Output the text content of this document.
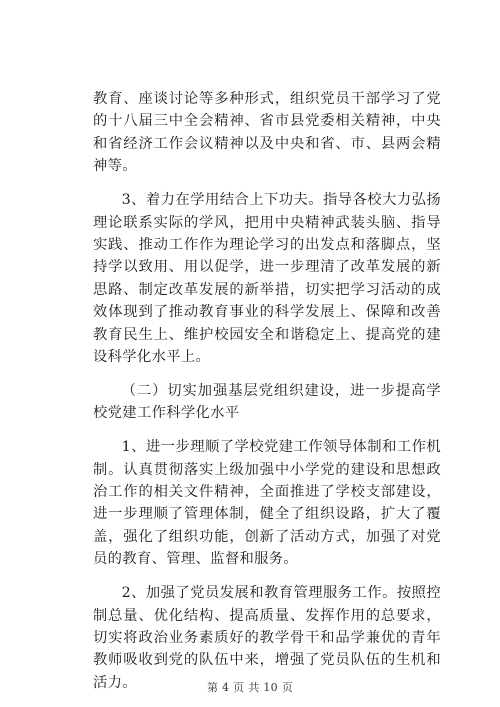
教育、座谈讨论等多种形式，组织党员干部学习了党的十八届三中全会精神、省市县党委相关精神，中央和省经济工作会议精神以及中央和省、市、县两会精神等。

3、着力在学用结合上下功夫。指导各校大力弘扬理论联系实际的学风，把用中央精神武装头脑、指导实践、推动工作作为理论学习的出发点和落脚点，坚持学以致用、用以促学，进一步理清了改革发展的新思路、制定改革发展的新举措，切实把学习活动的成效体现到了推动教育事业的科学发展上、保障和改善教育民生上、维护校园安全和谐稳定上、提高党的建设科学化水平上。

（二）切实加强基层党组织建设，进一步提高学校党建工作科学化水平

1、进一步理顺了学校党建工作领导体制和工作机制。认真贯彻落实上级加强中小学党的建设和思想政治工作的相关文件精神，全面推进了学校支部建设，进一步理顺了管理体制，健全了组织设路，扩大了覆盖，强化了组织功能，创新了活动方式，加强了对党员的教育、管理、监督和服务。

2、加强了党员发展和教育管理服务工作。按照控制总量、优化结构、提高质量、发挥作用的总要求，切实将政治业务素质好的教学骨干和品学兼优的青年教师吸收到党的队伍中来，增强了党员队伍的生机和活力。	第 4 页 共 10 页
